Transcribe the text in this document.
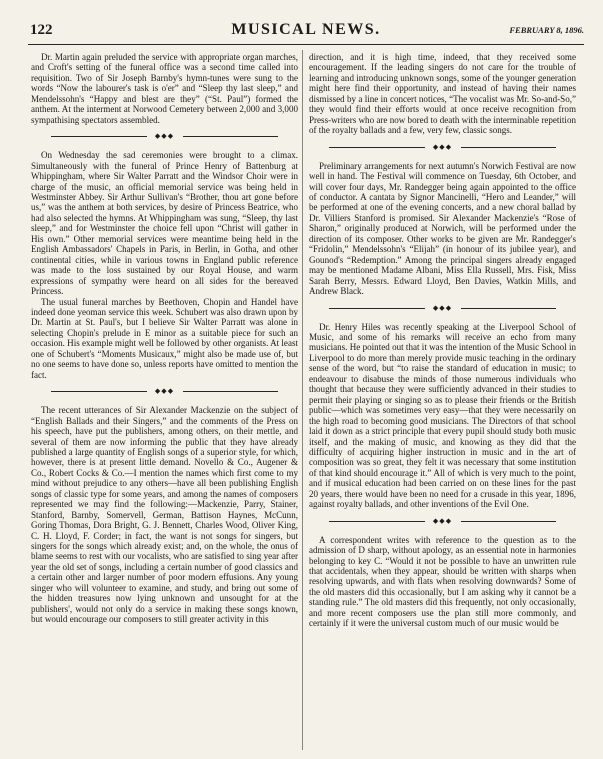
122	MUSICAL NEWS.	FEBRUARY 8, 1896.

Dr. Martin again preluded the service with appropriate organ marches, and Croft's setting of the funeral office was a second time called into requisition. Two of Sir Joseph Barnby's hymn-tunes were sung to the words “Now the labourer's task is o'er” and “Sleep thy last sleep,” and Mendelssohn's “Happy and blest are they” (“St. Paul”) formed the anthem. At the interment at Norwood Cemetery between 2,000 and 3,000 sympathising spectators assembled.

◆◆◆

On Wednesday the sad ceremonies were brought to a climax. Simultaneously with the funeral of Prince Henry of Battenburg at Whippingham, where Sir Walter Parratt and the Windsor Choir were in charge of the music, an official memorial service was being held in Westminster Abbey. Sir Arthur Sullivan's “Brother, thou art gone before us,” was the anthem at both services, by desire of Princess Beatrice, who had also selected the hymns. At Whippingham was sung, “Sleep, thy last sleep,” and for Westminster the choice fell upon “Christ will gather in His own.” Other memorial services were meantime being held in the English Ambassadors' Chapels in Paris, in Berlin, in Gotha, and other continental cities, while in various towns in England public reference was made to the loss sustained by our Royal House, and warm expressions of sympathy were heard on all sides for the bereaved Princess.

The usual funeral marches by Beethoven, Chopin and Handel have indeed done yeoman service this week. Schubert was also drawn upon by Dr. Martin at St. Paul's, but I believe Sir Walter Parratt was alone in selecting Chopin's prelude in E minor as a suitable piece for such an occasion. His example might well be followed by other organists. At least one of Schubert's “Moments Musicaux,” might also be made use of, but no one seems to have done so, unless reports have omitted to mention the fact.

◆◆◆

The recent utterances of Sir Alexander Mackenzie on the subject of “English Ballads and their Singers,” and the comments of the Press on his speech, have put the publishers, among others, on their mettle, and several of them are now informing the public that they have already published a large quantity of English songs of a superior style, for which, however, there is at present little demand. Novello & Co., Augener & Co., Robert Cocks & Co.—I mention the names which first come to my mind without prejudice to any others—have all been publishing English songs of classic type for some years, and among the names of composers represented we may find the following:—Mackenzie, Parry, Stainer, Stanford, Barnby, Somervell, German, Battison Haynes, McCunn, Goring Thomas, Dora Bright, G. J. Bennett, Charles Wood, Oliver King, C. H. Lloyd, F. Corder; in fact, the want is not songs for singers, but singers for the songs which already exist; and, on the whole, the onus of blame seems to rest with our vocalists, who are satisfied to sing year after year the old set of songs, including a certain number of good classics and a certain other and larger number of poor modern effusions. Any young singer who will volunteer to examine, and study, and bring out some of the hidden treasures now lying unknown and unsought for at the publishers', would not only do a service in making these songs known, but would encourage our composers to still greater activity in this

direction, and it is high time, indeed, that they received some encouragement. If the leading singers do not care for the trouble of learning and introducing unknown songs, some of the younger generation might here find their opportunity, and instead of having their names dismissed by a line in concert notices, “The vocalist was Mr. So-and-So,” they would find their efforts would at once receive recognition from Press-writers who are now bored to death with the interminable repetition of the royalty ballads and a few, very few, classic songs.

◆◆◆

Preliminary arrangements for next autumn's Norwich Festival are now well in hand. The Festival will commence on Tuesday, 6th October, and will cover four days, Mr. Randegger being again appointed to the office of conductor. A cantata by Signor Mancinelli, “Hero and Leander,” will be performed at one of the evening concerts, and a new choral ballad by Dr. Villiers Stanford is promised. Sir Alexander Mackenzie's “Rose of Sharon,” originally produced at Norwich, will be performed under the direction of its composer. Other works to be given are Mr. Randegger's “Fridolin,” Mendelssohn's “Elijah” (in honour of its jubilee year), and Gounod's “Redemption.” Among the principal singers already engaged may be mentioned Madame Albani, Miss Ella Russell, Mrs. Fisk, Miss Sarah Berry, Messrs. Edward Lloyd, Ben Davies, Watkin Mills, and Andrew Black.

◆◆◆

Dr. Henry Hiles was recently speaking at the Liverpool School of Music, and some of his remarks will receive an echo from many musicians. He pointed out that it was the intention of the Music School in Liverpool to do more than merely provide music teaching in the ordinary sense of the word, but “to raise the standard of education in music; to endeavour to disabuse the minds of those numerous individuals who thought that because they were sufficiently advanced in their studies to permit their playing or singing so as to please their friends or the British public—which was sometimes very easy—that they were necessarily on the high road to becoming good musicians. The Directors of that school laid it down as a strict principle that every pupil should study both music itself, and the making of music, and knowing as they did that the difficulty of acquiring higher instruction in music and in the art of composition was so great, they felt it was necessary that some institution of that kind should encourage it.” All of which is very much to the point, and if musical education had been carried on on these lines for the past 20 years, there would have been no need for a crusade in this year, 1896, against royalty ballads, and other inventions of the Evil One.

◆◆◆

A correspondent writes with reference to the question as to the admission of D sharp, without apology, as an essential note in harmonies belonging to key C. “Would it not be possible to have an unwritten rule that accidentals, when they appear, should be written with sharps when resolving upwards, and with flats when resolving downwards? Some of the old masters did this occasionally, but I am asking why it cannot be a standing rule.” The old masters did this frequently, not only occasionally, and more recent composers use the plan still more commonly, and certainly if it were the universal custom much of our music would be
